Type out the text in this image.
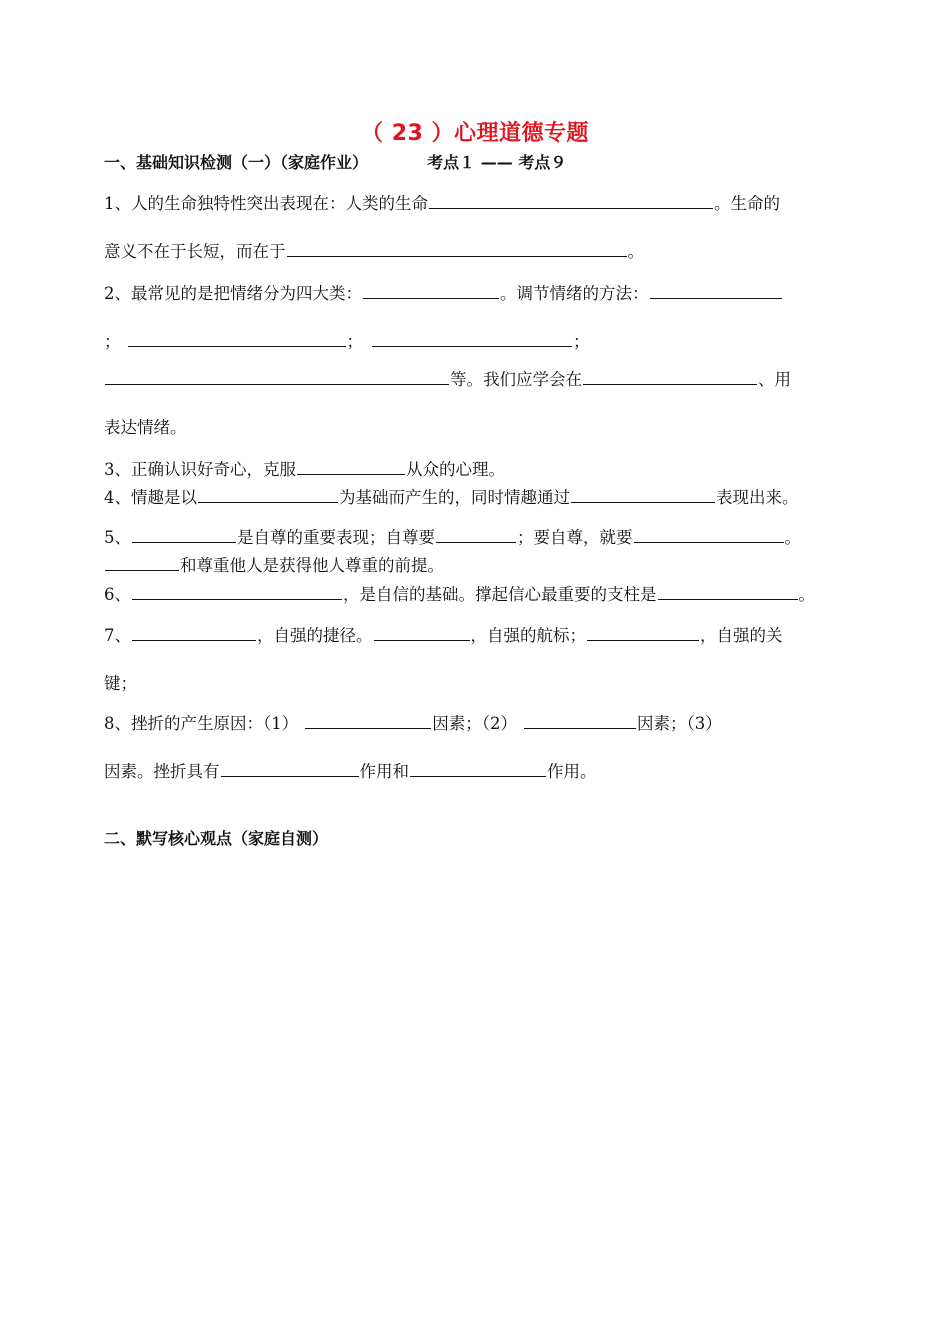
（ 23 ）心理道德专题
一、基础知识检测（一）（家庭作业）	考点１ —— 考点９
1、人的生命独特性突出表现在：人类的生命	。生命的
意义不在于长短，而在于	。
2、最常见的是把情绪分为四大类：	。调节情绪的方法：
；	；	；
等。我们应学会在	、用
表达情绪。
3、正确认识好奇心，克服	从众的心理。
4、情趣是以	为基础而产生的，同时情趣通过	表现出来。
5、	是自尊的重要表现；自尊要	；要自尊，就要	。
和尊重他人是获得他人尊重的前提。
6、	，是自信的基础。撑起信心最重要的支柱是	。
7、	，自强的捷径。	，自强的航标；	，自强的关
键；
8、挫折的产生原因：（1）	因素；（2）	因素；（3）
因素。挫折具有	作用和	作用。
二、默写核心观点（家庭自测）
